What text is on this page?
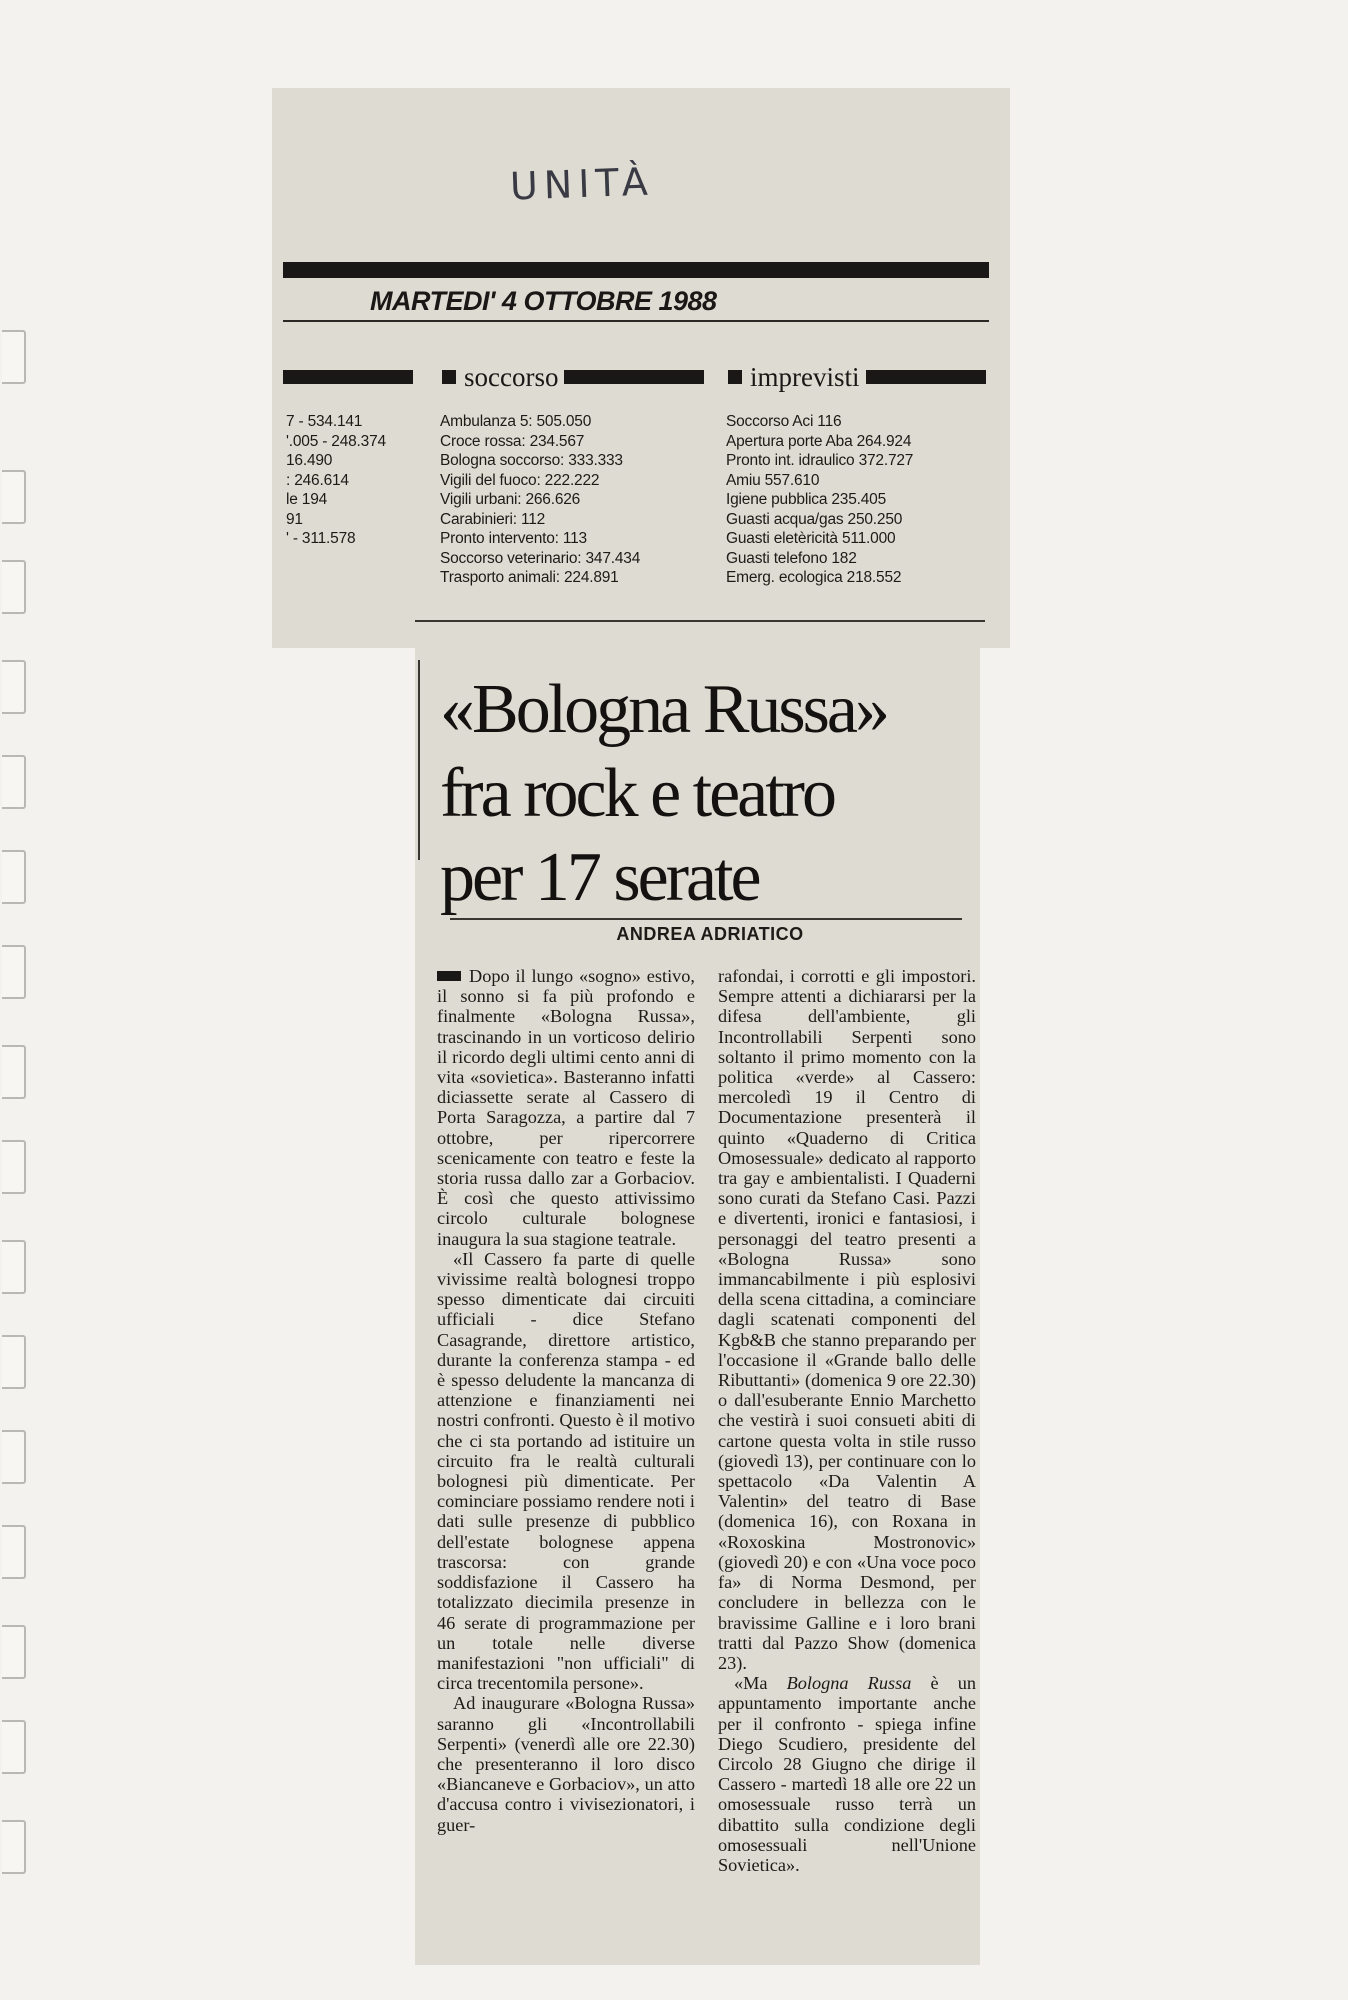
UNITÀ
MARTEDI' 4 OTTOBRE 1988
7 - 534.141
'.005 - 248.374
16.490
: 246.614
le 194
91
' - 311.578
soccorso
Ambulanza 5: 505.050
Croce rossa: 234.567
Bologna soccorso: 333.333
Vigili del fuoco: 222.222
Vigili urbani: 266.626
Carabinieri: 112
Pronto intervento: 113
Soccorso veterinario: 347.434
Trasporto animali: 224.891
imprevisti
Soccorso Aci 116
Apertura porte Aba 264.924
Pronto int. idraulico 372.727
Amiu 557.610
Igiene pubblica 235.405
Guasti acqua/gas 250.250
Guasti eletèricità 511.000
Guasti telefono 182
Emerg. ecologica 218.552
«Bologna Russa»
fra rock e teatro
per 17 serate
ANDREA ADRIATICO

Dopo il lungo «sogno» estivo, il sonno si fa più profondo e finalmente «Bologna Russa», trascinando in un vorticoso delirio il ricordo degli ultimi cento anni di vita «sovietica». Basteranno infatti diciassette serate al Cassero di Porta Saragozza, a partire dal 7 ottobre, per ripercorrere scenicamente con teatro e feste la storia russa dallo zar a Gorbaciov. È così che questo attivissimo circolo culturale bolognese inaugura la sua stagione teatrale.

«Il Cassero fa parte di quelle vivissime realtà bolognesi troppo spesso dimenticate dai circuiti ufficiali - dice Stefano Casagrande, direttore artistico, durante la conferenza stampa - ed è spesso deludente la mancanza di attenzione e finanziamenti nei nostri confronti. Questo è il motivo che ci sta portando ad istituire un circuito fra le realtà culturali bolognesi più dimenticate. Per cominciare possiamo rendere noti i dati sulle presenze di pubblico dell'estate bolognese appena trascorsa: con grande soddisfazione il Cassero ha totalizzato diecimila presenze in 46 serate di programmazione per un totale nelle diverse manifestazioni "non ufficiali" di circa trecentomila persone».

Ad inaugurare «Bologna Russa» saranno gli «Incontrollabili Serpenti» (venerdì alle ore 22.30) che presenteranno il loro disco «Biancaneve e Gorbaciov», un atto d'accusa contro i vivisezionatori, i guer-

rafondai, i corrotti e gli impostori. Sempre attenti a dichiararsi per la difesa dell'ambiente, gli Incontrollabili Serpenti sono soltanto il primo momento con la politica «verde» al Cassero: mercoledì 19 il Centro di Documentazione presenterà il quinto «Quaderno di Critica Omosessuale» dedicato al rapporto tra gay e ambientalisti. I Quaderni sono curati da Stefano Casi. Pazzi e divertenti, ironici e fantasiosi, i personaggi del teatro presenti a «Bologna Russa» sono immancabilmente i più esplosivi della scena cittadina, a cominciare dagli scatenati componenti del Kgb&B che stanno preparando per l'occasione il «Grande ballo delle Ributtanti» (domenica 9 ore 22.30) o dall'esuberante Ennio Marchetto che vestirà i suoi consueti abiti di cartone questa volta in stile russo (giovedì 13), per continuare con lo spettacolo «Da Valentin A Valentin» del teatro di Base (domenica 16), con Roxana in «Roxoskina Mostronovic» (giovedì 20) e con «Una voce poco fa» di Norma Desmond, per concludere in bellezza con le bravissime Galline e i loro brani tratti dal Pazzo Show (domenica 23).

«Ma Bologna Russa è un appuntamento importante anche per il confronto - spiega infine Diego Scudiero, presidente del Circolo 28 Giugno che dirige il Cassero - martedì 18 alle ore 22 un omosessuale russo terrà un dibattito sulla condizione degli omosessuali nell'Unione Sovietica».
